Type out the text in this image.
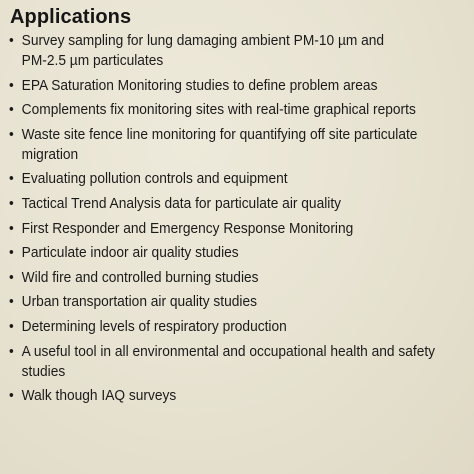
Applications
• Survey sampling for lung damaging ambient PM-10 µm and
PM-2.5 µm particulates
• EPA Saturation Monitoring studies to define problem areas
• Complements fix monitoring sites with real-time graphical reports
• Waste site fence line monitoring for quantifying off site particulate
migration
• Evaluating pollution controls and equipment
• Tactical Trend Analysis data for particulate air quality
• First Responder and Emergency Response Monitoring
• Particulate indoor air quality studies
• Wild fire and controlled burning studies
• Urban transportation air quality studies
• Determining levels of respiratory production
• A useful tool in all environmental and occupational health and safety
studies
• Walk though IAQ surveys
